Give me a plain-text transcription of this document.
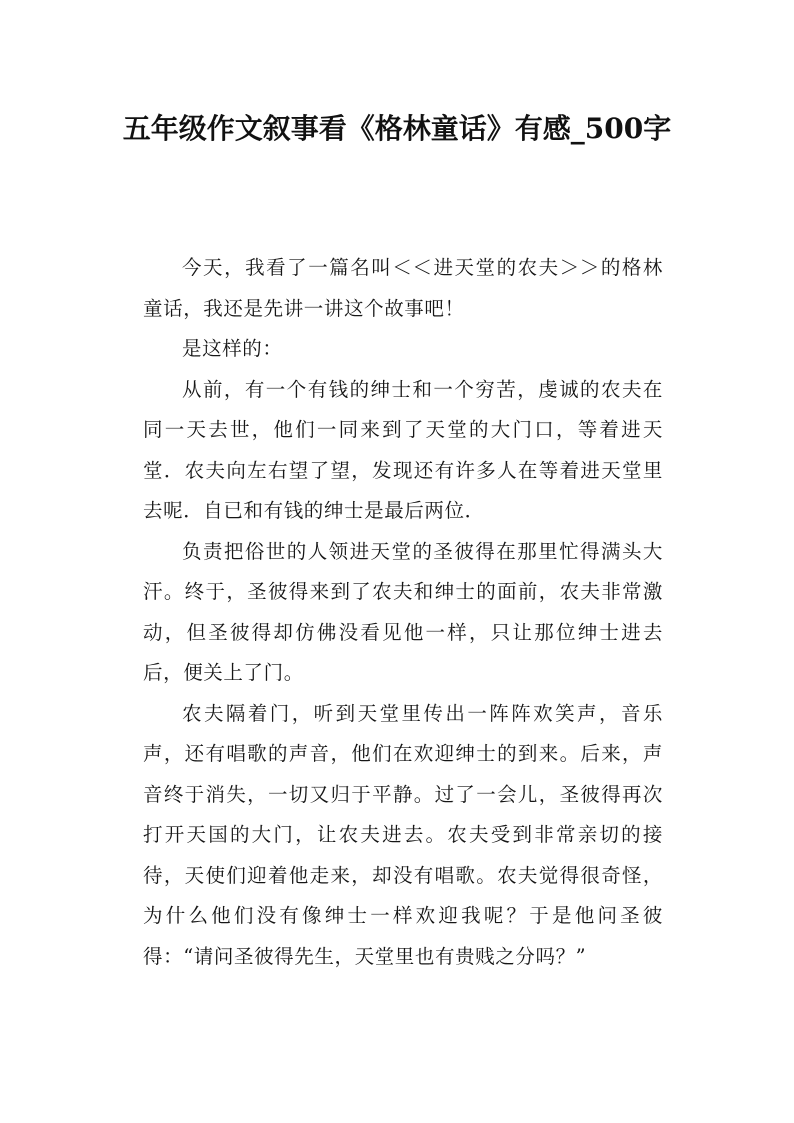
五年级作文叙事看《格林童话》有感_500字

今天，我看了一篇名叫＜＜进天堂的农夫＞＞的格林童话，我还是先讲一讲这个故事吧！

是这样的：

从前，有一个有钱的绅士和一个穷苦，虔诚的农夫在同一天去世，他们一同来到了天堂的大门口，等着进天堂．农夫向左右望了望，发现还有许多人在等着进天堂里去呢．自已和有钱的绅士是最后两位．

负责把俗世的人领进天堂的圣彼得在那里忙得满头大汗。终于，圣彼得来到了农夫和绅士的面前，农夫非常激动，但圣彼得却仿佛没看见他一样，只让那位绅士进去后，便关上了门。

农夫隔着门，听到天堂里传出一阵阵欢笑声，音乐声，还有唱歌的声音，他们在欢迎绅士的到来。后来，声音终于消失，一切又归于平静。过了一会儿，圣彼得再次打开天国的大门，让农夫进去。农夫受到非常亲切的接待，天使们迎着他走来，却没有唱歌。农夫觉得很奇怪，为什么他们没有像绅士一样欢迎我呢？于是他问圣彼得：“请问圣彼得先生，天堂里也有贵贱之分吗？”
